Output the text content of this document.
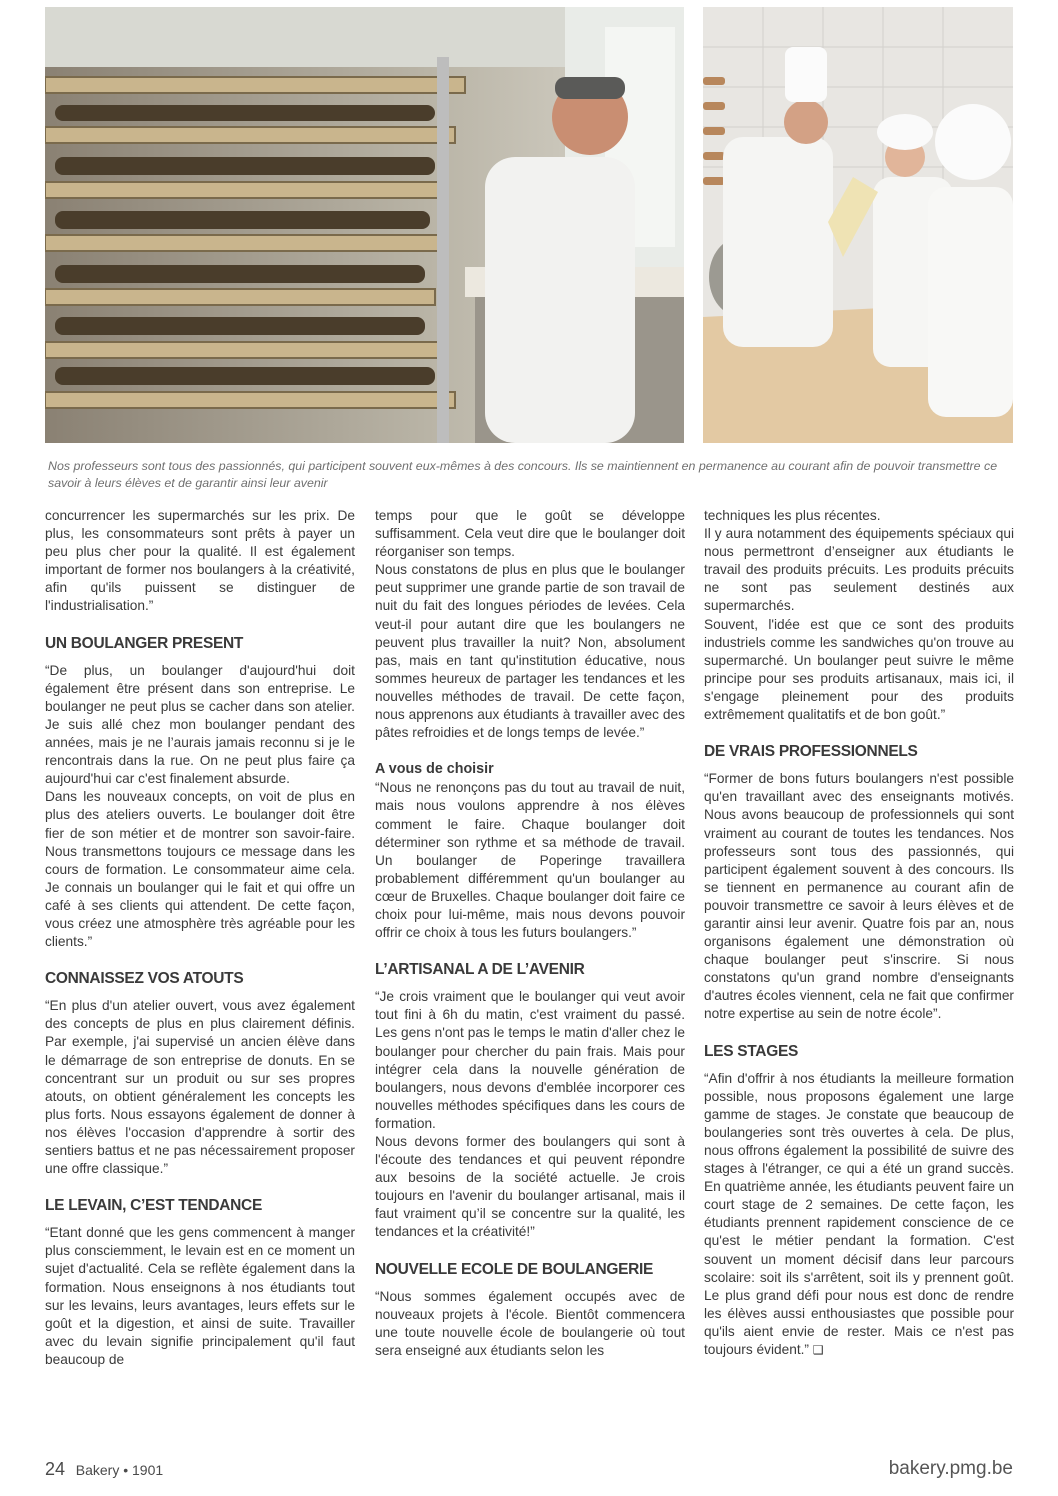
Nos professeurs sont tous des passionnés, qui participent souvent eux-mêmes à des concours. Ils se maintiennent en permanence au courant afin de pouvoir transmettre ce savoir à leurs élèves et de garantir ainsi leur avenir

concurrencer les supermarchés sur les prix. De plus, les consommateurs sont prêts à payer un peu plus cher pour la qualité. Il est également important de former nos boulangers à la créativité, afin qu'ils puissent se distinguer de l'industrialisation.”

UN BOULANGER PRESENT

“De plus, un boulanger d'aujourd'hui doit également être présent dans son entreprise. Le boulanger ne peut plus se cacher dans son atelier. Je suis allé chez mon boulanger pendant des années, mais je ne l’aurais jamais reconnu si je le rencontrais dans la rue. On ne peut plus faire ça aujourd'hui car c'est finalement absurde.

Dans les nouveaux concepts, on voit de plus en plus des ateliers ouverts. Le boulanger doit être fier de son métier et de montrer son savoir-faire. Nous transmettons toujours ce message dans les cours de formation. Le consommateur aime cela. Je connais un boulanger qui le fait et qui offre un café à ses clients qui attendent. De cette façon, vous créez une atmosphère très agréable pour les clients.”

CONNAISSEZ VOS ATOUTS

“En plus d'un atelier ouvert, vous avez également des concepts de plus en plus clairement définis. Par exemple, j'ai supervisé un ancien élève dans le démarrage de son entreprise de donuts. En se concentrant sur un produit ou sur ses propres atouts, on obtient généralement les concepts les plus forts. Nous essayons également de donner à nos élèves l'occasion d'apprendre à sortir des sentiers battus et ne pas nécessairement proposer une offre classique.”

LE LEVAIN, C’EST TENDANCE

“Etant donné que les gens commencent à manger plus consciemment, le levain est en ce moment un sujet d'actualité. Cela se reflète également dans la formation. Nous enseignons à nos étudiants tout sur les levains, leurs avantages, leurs effets sur le goût et la digestion, et ainsi de suite. Travailler avec du levain signifie principalement qu'il faut beaucoup de

temps pour que le goût se développe suffisamment. Cela veut dire que le boulanger doit réorganiser son temps.

Nous constatons de plus en plus que le boulanger peut supprimer une grande partie de son travail de nuit du fait des longues périodes de levées. Cela veut-il pour autant dire que les boulangers ne peuvent plus travailler la nuit? Non, absolument pas, mais en tant qu'institution éducative, nous sommes heureux de partager les tendances et les nouvelles méthodes de travail. De cette façon, nous apprenons aux étudiants à travailler avec des pâtes refroidies et de longs temps de levée.”

A vous de choisir

“Nous ne renonçons pas du tout au travail de nuit, mais nous voulons apprendre à nos élèves comment le faire. Chaque boulanger doit déterminer son rythme et sa méthode de travail. Un boulanger de Poperinge travaillera probablement différemment qu'un boulanger au cœur de Bruxelles. Chaque boulanger doit faire ce choix pour lui-même, mais nous devons pouvoir offrir ce choix à tous les futurs boulangers.”

L’ARTISANAL A DE L’AVENIR

“Je crois vraiment que le boulanger qui veut avoir tout fini à 6h du matin, c'est vraiment du passé. Les gens n'ont pas le temps le matin d'aller chez le boulanger pour chercher du pain frais. Mais pour intégrer cela dans la nouvelle génération de boulangers, nous devons d'emblée incorporer ces nouvelles méthodes spécifiques dans les cours de formation.

Nous devons former des boulangers qui sont à l'écoute des tendances et qui peuvent répondre aux besoins de la société actuelle. Je crois toujours en l'avenir du boulanger artisanal, mais il faut vraiment qu’il se concentre sur la qualité, les tendances et la créativité!”

NOUVELLE ECOLE DE BOULANGERIE

“Nous sommes également occupés avec de nouveaux projets à l'école. Bientôt commencera une toute nouvelle école de boulangerie où tout sera enseigné aux étudiants selon les

techniques les plus récentes.

Il y aura notamment des équipements spéciaux qui nous permettront d’enseigner aux étudiants le travail des produits précuits. Les produits précuits ne sont pas seulement destinés aux supermarchés.

Souvent, l'idée est que ce sont des produits industriels comme les sandwiches qu'on trouve au supermarché. Un boulanger peut suivre le même principe pour ses produits artisanaux, mais ici, il s'engage pleinement pour des produits extrêmement qualitatifs et de bon goût.”

DE VRAIS PROFESSIONNELS

“Former de bons futurs boulangers n'est possible qu'en travaillant avec des enseignants motivés. Nous avons beaucoup de professionnels qui sont vraiment au courant de toutes les tendances. Nos professeurs sont tous des passionnés, qui participent également souvent à des concours. Ils se tiennent en permanence au courant afin de pouvoir transmettre ce savoir à leurs élèves et de garantir ainsi leur avenir. Quatre fois par an, nous organisons également une démonstration où chaque boulanger peut s'inscrire. Si nous constatons qu'un grand nombre d'enseignants d'autres écoles viennent, cela ne fait que confirmer notre expertise au sein de notre école”.

LES STAGES

“Afin d'offrir à nos étudiants la meilleure formation possible, nous proposons également une large gamme de stages. Je constate que beaucoup de boulangeries sont très ouvertes à cela. De plus, nous offrons également la possibilité de suivre des stages à l'étranger, ce qui a été un grand succès. En quatrième année, les étudiants peuvent faire un court stage de 2 semaines. De cette façon, les étudiants prennent rapidement conscience de ce qu'est le métier pendant la formation. C'est souvent un moment décisif dans leur parcours scolaire: soit ils s'arrêtent, soit ils y prennent goût. Le plus grand défi pour nous est donc de rendre les élèves aussi enthousiastes que possible pour qu'ils aient envie de rester. Mais ce n'est pas toujours évident.” ❑

24 Bakery • 1901	bakery.pmg.be
